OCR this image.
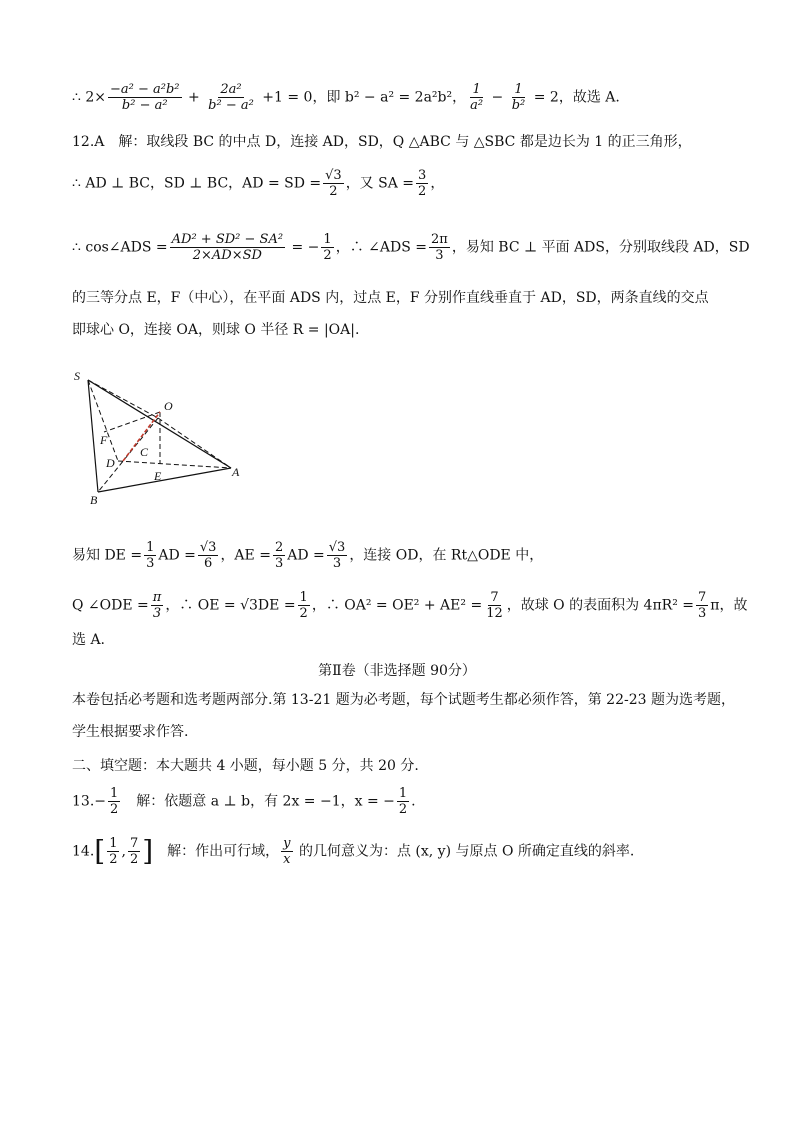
∴ $2\times \frac{\text{−a² − a²b²}}{\text{b² − a²}} + \frac{\text{2a²}}{\text{b² − a²}} +1 = 0$，即 b² − a² = 2a²b²， $\frac{1}{\text{a²}} - \frac{1}{\text{b²}} = 2$，故选 A.
12.A　解：取线段 BC 的中点 D，连接 AD，SD，Q △ABC 与 △SBC 都是边长为 1 的正三角形，
∴ AD ⊥ BC，SD ⊥ BC，AD = SD = $\frac{√3}{2}$ ，又 SA = $\frac{3}{2}$ ，
∴ cos∠ADS = $\frac{\text{AD² + SD² − SA²}}{2\times AD\times SD}$ = − $\frac{1}{2}$ ，∴ ∠ADS = $\frac{2\pi}{3}$ ，易知 BC ⊥ 平面 ADS，分别取线段 AD，SD
的三等分点 E，F（中心），在平面 ADS 内，过点 E，F 分别作直线垂直于 AD，SD，两条直线的交点
即球心 O，连接 OA，则球 O 半径 R = |OA|.
S
O
F
C
D
E	A
B
易知 DE = $\frac{1}{3}$ AD = $\frac{√3}{6}$ ，AE = $\frac{2}{3}$ AD = $\frac{√3}{3}$ ，连接 OD，在 Rt△ODE 中，
Q ∠ODE = $\frac{\pi}{3}$ ，∴ OE = $√3DE = \frac{1}{2}$ ，∴ $OA^2 = OE^2 + AE^2 = \frac{7}{12}$ ，故球 O 的表面积为 $4\pi R^2 = \frac{7}{3}$ π，故
选 A.
第Ⅱ卷（非选择题 90分）
本卷包括必考题和选考题两部分.第 13-21 题为必考题，每个试题考生都必须作答，第 22-23 题为选考题，
学生根据要求作答.
二、填空题：本大题共 4 小题，每小题 5 分，共 20 分.
$13.- \frac{1}{2}$ 　解：依题意 a ⊥ b，有 2x = −1，x = − $\frac{1}{2}$ .
$14.[ \frac{1}{2}$ , $\frac{7}{2}$ ]　解：作出可行域， $\frac{y}{x}$ 的几何意义为：点 (x, y) 与原点 O 所确定直线的斜率.
